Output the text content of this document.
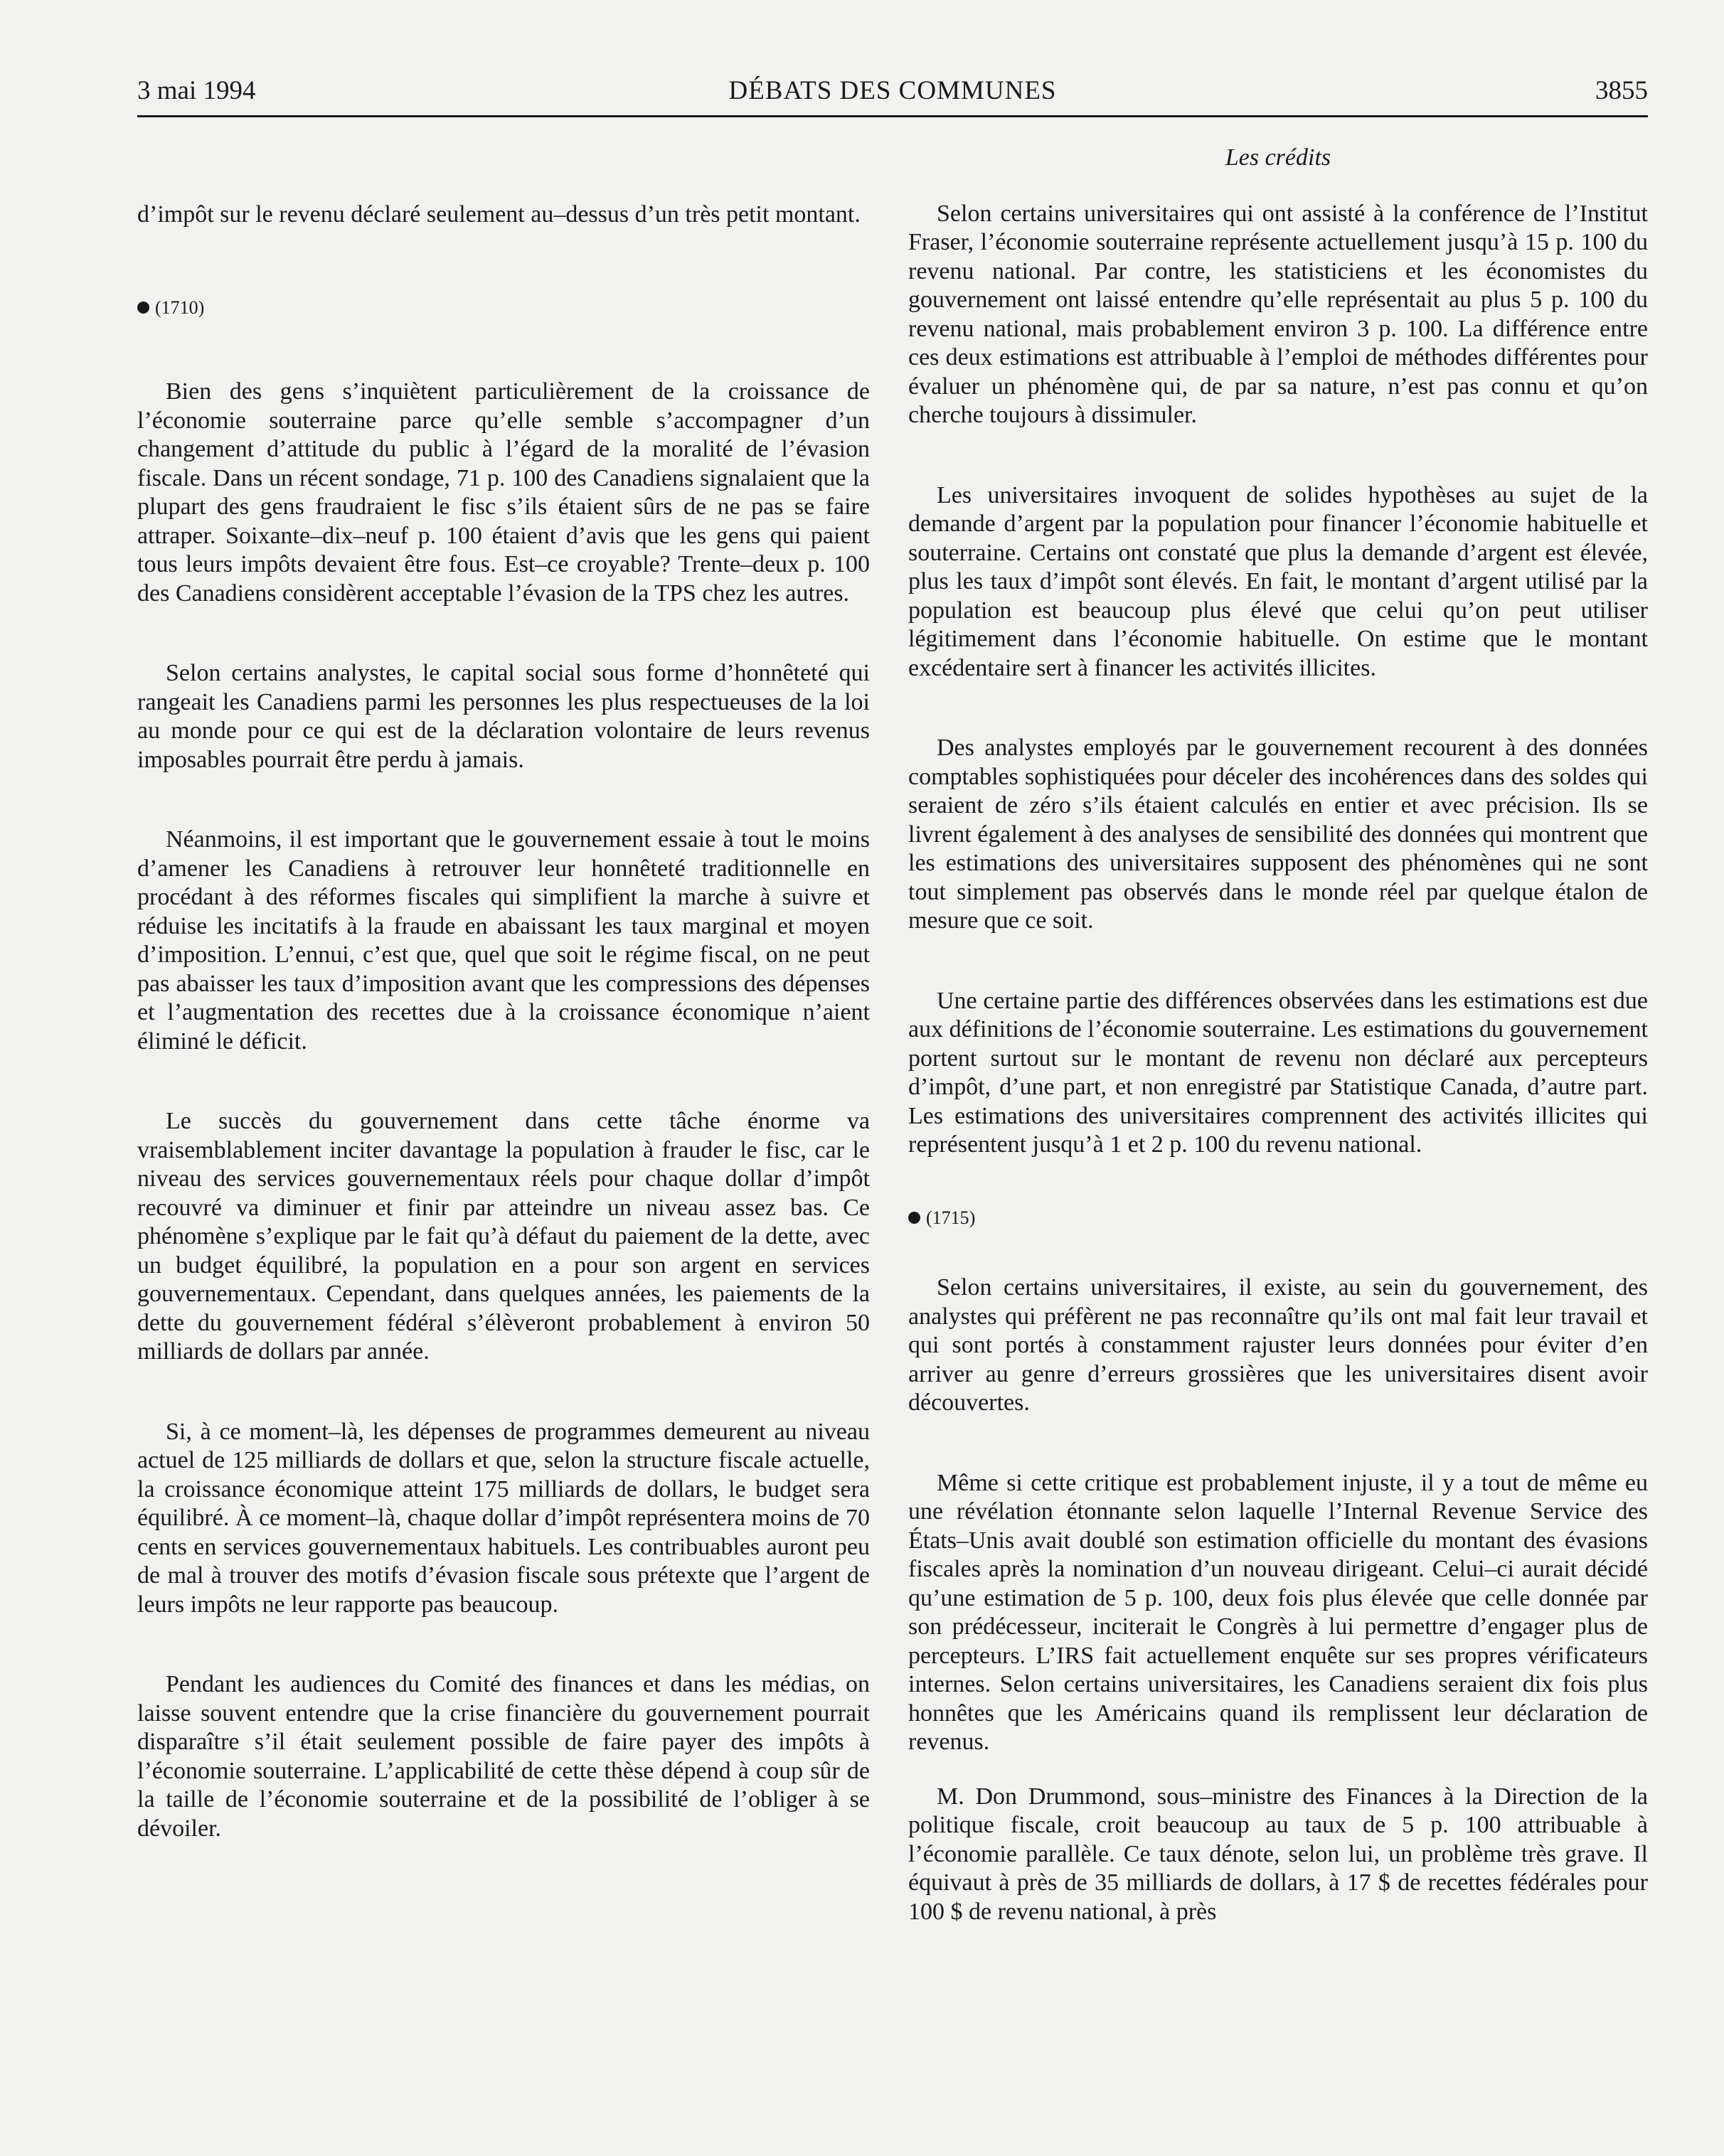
3 mai 1994	DÉBATS DES COMMUNES	3855

d’impôt sur le revenu déclaré seulement au–dessus d’un très petit montant.

(1710)

Bien des gens s’inquiètent particulièrement de la croissance de l’économie souterraine parce qu’elle semble s’accompagner d’un changement d’attitude du public à l’égard de la moralité de l’évasion fiscale. Dans un récent sondage, 71 p. 100 des Canadiens signalaient que la plupart des gens fraudraient le fisc s’ils étaient sûrs de ne pas se faire attraper. Soixante–dix–neuf p. 100 étaient d’avis que les gens qui paient tous leurs impôts devaient être fous. Est–ce croyable? Trente–deux p. 100 des Canadiens considèrent acceptable l’évasion de la TPS chez les autres.

Selon certains analystes, le capital social sous forme d’honnêteté qui rangeait les Canadiens parmi les personnes les plus respectueuses de la loi au monde pour ce qui est de la déclaration volontaire de leurs revenus imposables pourrait être perdu à jamais.

Néanmoins, il est important que le gouvernement essaie à tout le moins d’amener les Canadiens à retrouver leur honnêteté traditionnelle en procédant à des réformes fiscales qui simplifient la marche à suivre et réduise les incitatifs à la fraude en abaissant les taux marginal et moyen d’imposition. L’ennui, c’est que, quel que soit le régime fiscal, on ne peut pas abaisser les taux d’imposition avant que les compressions des dépenses et l’augmentation des recettes due à la croissance économique n’aient éliminé le déficit.

Le succès du gouvernement dans cette tâche énorme va vraisemblablement inciter davantage la population à frauder le fisc, car le niveau des services gouvernementaux réels pour chaque dollar d’impôt recouvré va diminuer et finir par atteindre un niveau assez bas. Ce phénomène s’explique par le fait qu’à défaut du paiement de la dette, avec un budget équilibré, la population en a pour son argent en services gouvernementaux. Cependant, dans quelques années, les paiements de la dette du gouvernement fédéral s’élèveront probablement à environ 50 milliards de dollars par année.

Si, à ce moment–là, les dépenses de programmes demeurent au niveau actuel de 125 milliards de dollars et que, selon la structure fiscale actuelle, la croissance économique atteint 175 milliards de dollars, le budget sera équilibré. À ce moment–là, chaque dollar d’impôt représentera moins de 70 cents en services gouvernementaux habituels. Les contribuables auront peu de mal à trouver des motifs d’évasion fiscale sous prétexte que l’argent de leurs impôts ne leur rapporte pas beaucoup.

Pendant les audiences du Comité des finances et dans les médias, on laisse souvent entendre que la crise financière du gouvernement pourrait disparaître s’il était seulement possible de faire payer des impôts à l’économie souterraine. L’applicabilité de cette thèse dépend à coup sûr de la taille de l’économie souterraine et de la possibilité de l’obliger à se dévoiler.

Les crédits

Selon certains universitaires qui ont assisté à la conférence de l’Institut Fraser, l’économie souterraine représente actuellement jusqu’à 15 p. 100 du revenu national. Par contre, les statisticiens et les économistes du gouvernement ont laissé entendre qu’elle représentait au plus 5 p. 100 du revenu national, mais probablement environ 3 p. 100. La différence entre ces deux estimations est attribuable à l’emploi de méthodes différentes pour évaluer un phénomène qui, de par sa nature, n’est pas connu et qu’on cherche toujours à dissimuler.

Les universitaires invoquent de solides hypothèses au sujet de la demande d’argent par la population pour financer l’économie habituelle et souterraine. Certains ont constaté que plus la demande d’argent est élevée, plus les taux d’impôt sont élevés. En fait, le montant d’argent utilisé par la population est beaucoup plus élevé que celui qu’on peut utiliser légitimement dans l’économie habituelle. On estime que le montant excédentaire sert à financer les activités illicites.

Des analystes employés par le gouvernement recourent à des données comptables sophistiquées pour déceler des incohérences dans des soldes qui seraient de zéro s’ils étaient calculés en entier et avec précision. Ils se livrent également à des analyses de sensibilité des données qui montrent que les estimations des universitaires supposent des phénomènes qui ne sont tout simplement pas observés dans le monde réel par quelque étalon de mesure que ce soit.

Une certaine partie des différences observées dans les estimations est due aux définitions de l’économie souterraine. Les estimations du gouvernement portent surtout sur le montant de revenu non déclaré aux percepteurs d’impôt, d’une part, et non enregistré par Statistique Canada, d’autre part. Les estimations des universitaires comprennent des activités illicites qui représentent jusqu’à 1 et 2 p. 100 du revenu national.

(1715)

Selon certains universitaires, il existe, au sein du gouvernement, des analystes qui préfèrent ne pas reconnaître qu’ils ont mal fait leur travail et qui sont portés à constamment rajuster leurs données pour éviter d’en arriver au genre d’erreurs grossières que les universitaires disent avoir découvertes.

Même si cette critique est probablement injuste, il y a tout de même eu une révélation étonnante selon laquelle l’Internal Revenue Service des États–Unis avait doublé son estimation officielle du montant des évasions fiscales après la nomination d’un nouveau dirigeant. Celui–ci aurait décidé qu’une estimation de 5 p. 100, deux fois plus élevée que celle donnée par son prédécesseur, inciterait le Congrès à lui permettre d’engager plus de percepteurs. L’IRS fait actuellement enquête sur ses propres vérificateurs internes. Selon certains universitaires, les Canadiens seraient dix fois plus honnêtes que les Américains quand ils remplissent leur déclaration de revenus.

M. Don Drummond, sous–ministre des Finances à la Direction de la politique fiscale, croit beaucoup au taux de 5 p. 100 attribuable à l’économie parallèle. Ce taux dénote, selon lui, un problème très grave. Il équivaut à près de 35 milliards de dollars, à 17 $ de recettes fédérales pour 100 $ de revenu national, à près
